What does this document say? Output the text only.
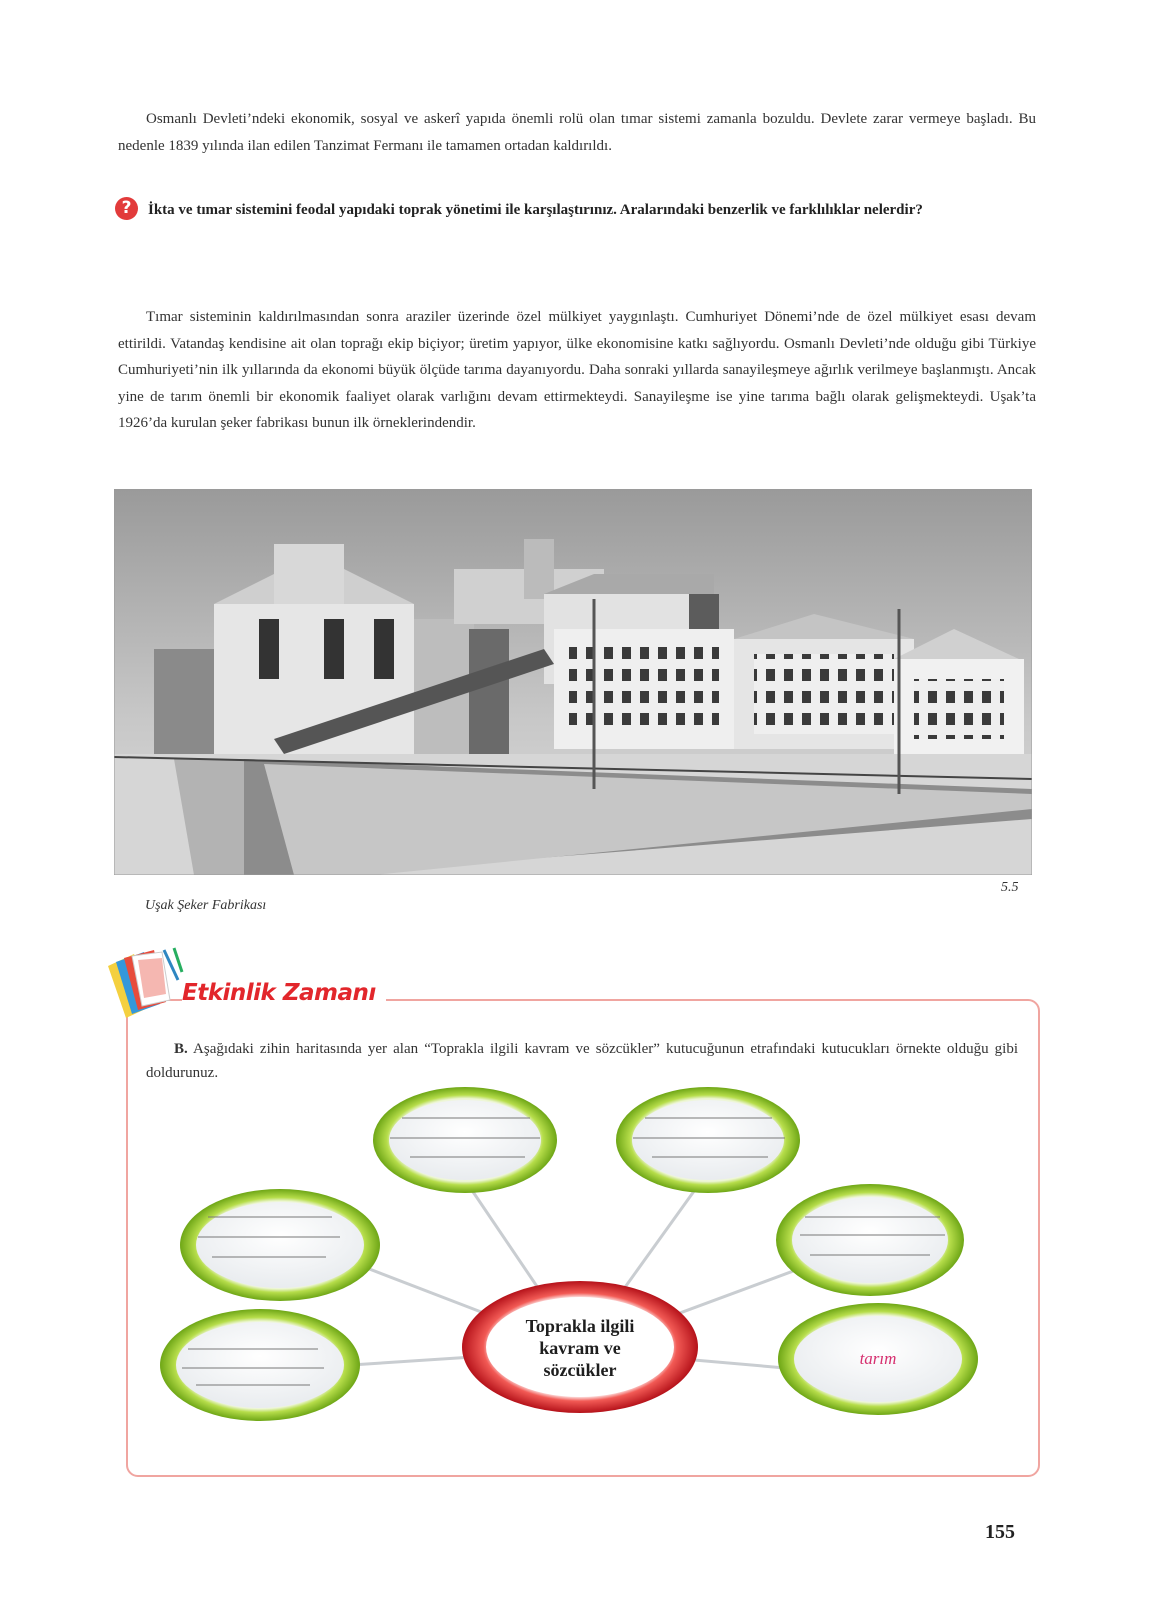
Osmanlı Devleti’ndeki ekonomik, sosyal ve askerî yapıda önemli rolü olan tımar sistemi zamanla bozuldu. Devlete zarar vermeye başladı. Bu nedenle 1839 yılında ilan edilen Tanzimat Fermanı ile tamamen ortadan kaldırıldı.
?	İkta ve tımar sistemini feodal yapıdaki toprak yönetimi ile karşılaştırınız. Aralarındaki benzerlik ve farklılıklar nelerdir?
Tımar sisteminin kaldırılmasından sonra araziler üzerinde özel mülkiyet yaygınlaştı. Cumhuriyet Dönemi’nde de özel mülkiyet esası devam ettirildi. Vatandaş kendisine ait olan toprağı ekip biçiyor; üretim yapıyor, ülke ekonomisine katkı sağlıyordu. Osmanlı Devleti’nde olduğu gibi Türkiye Cumhuriyeti’nin ilk yıllarında da ekonomi büyük ölçüde tarıma dayanıyordu. Daha sonraki yıllarda sanayileşmeye ağırlık verilmeye başlanmıştı. Ancak yine de tarım önemli bir ekonomik faaliyet olarak varlığını devam ettirmekteydi. Sanayileşme ise yine tarıma bağlı olarak gelişmekteydi. Uşak’ta 1926’da kurulan şeker fabrikası bunun ilk örneklerindendir.
5.5
Uşak Şeker Fabrikası
Etkinlik Zamanı
B. Aşağıdaki zihin haritasında yer alan “Toprakla ilgili kavram ve sözcükler” kutucuğunun etrafındaki kutucukları örnekte olduğu gibi doldurunuz.
tarım
Toprakla ilgili
kavram ve
sözcükler
155
